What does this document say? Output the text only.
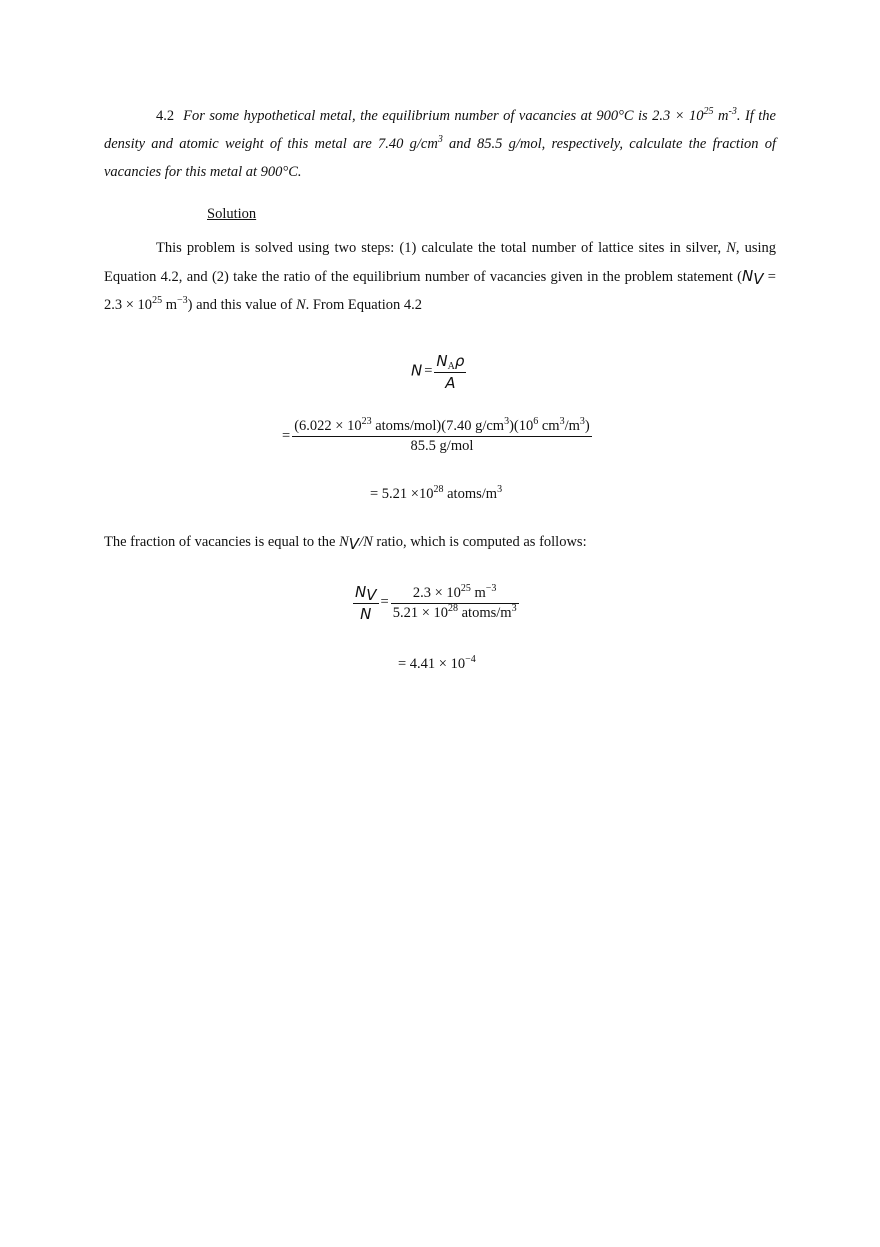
4.2 For some hypothetical metal, the equilibrium number of vacancies at 900°C is $2.3 \times 10^{25}$ $m^{-3}$. If the density and atomic weight of this metal are 7.40 $g/cm^3$ and 85.5 g/mol, respectively, calculate the fraction of vacancies for this metal at 900°C.

Solution

This problem is solved using two steps: (1) calculate the total number of lattice sites in silver, N, using Equation 4.2, and (2) take the ratio of the equilibrium number of vacancies given in the problem statement ($N_V = 2.3 \times 10^{25}$ $m^{-3}$) and this value of N. From Equation 4.2

$N = \frac{N_A\rho}{A}$
= $\frac{(6.022 \times 10^{23} atoms/mol)(7.40 g/cm^3)(10^6 cm^3/m^3)}{\text{85.5 g/mol}}$
= $5.21 \times 10^{28}$ atoms/$m^3$

The fraction of vacancies is equal to the $N_V/N$ ratio, which is computed as follows:

$\frac{N_V}{N} = \frac{2.3 \times 10^{25} m^{-3}}{5.21 \times 10^{28} atoms/m^3}$
= $4.41 \times 10^{-4}$
